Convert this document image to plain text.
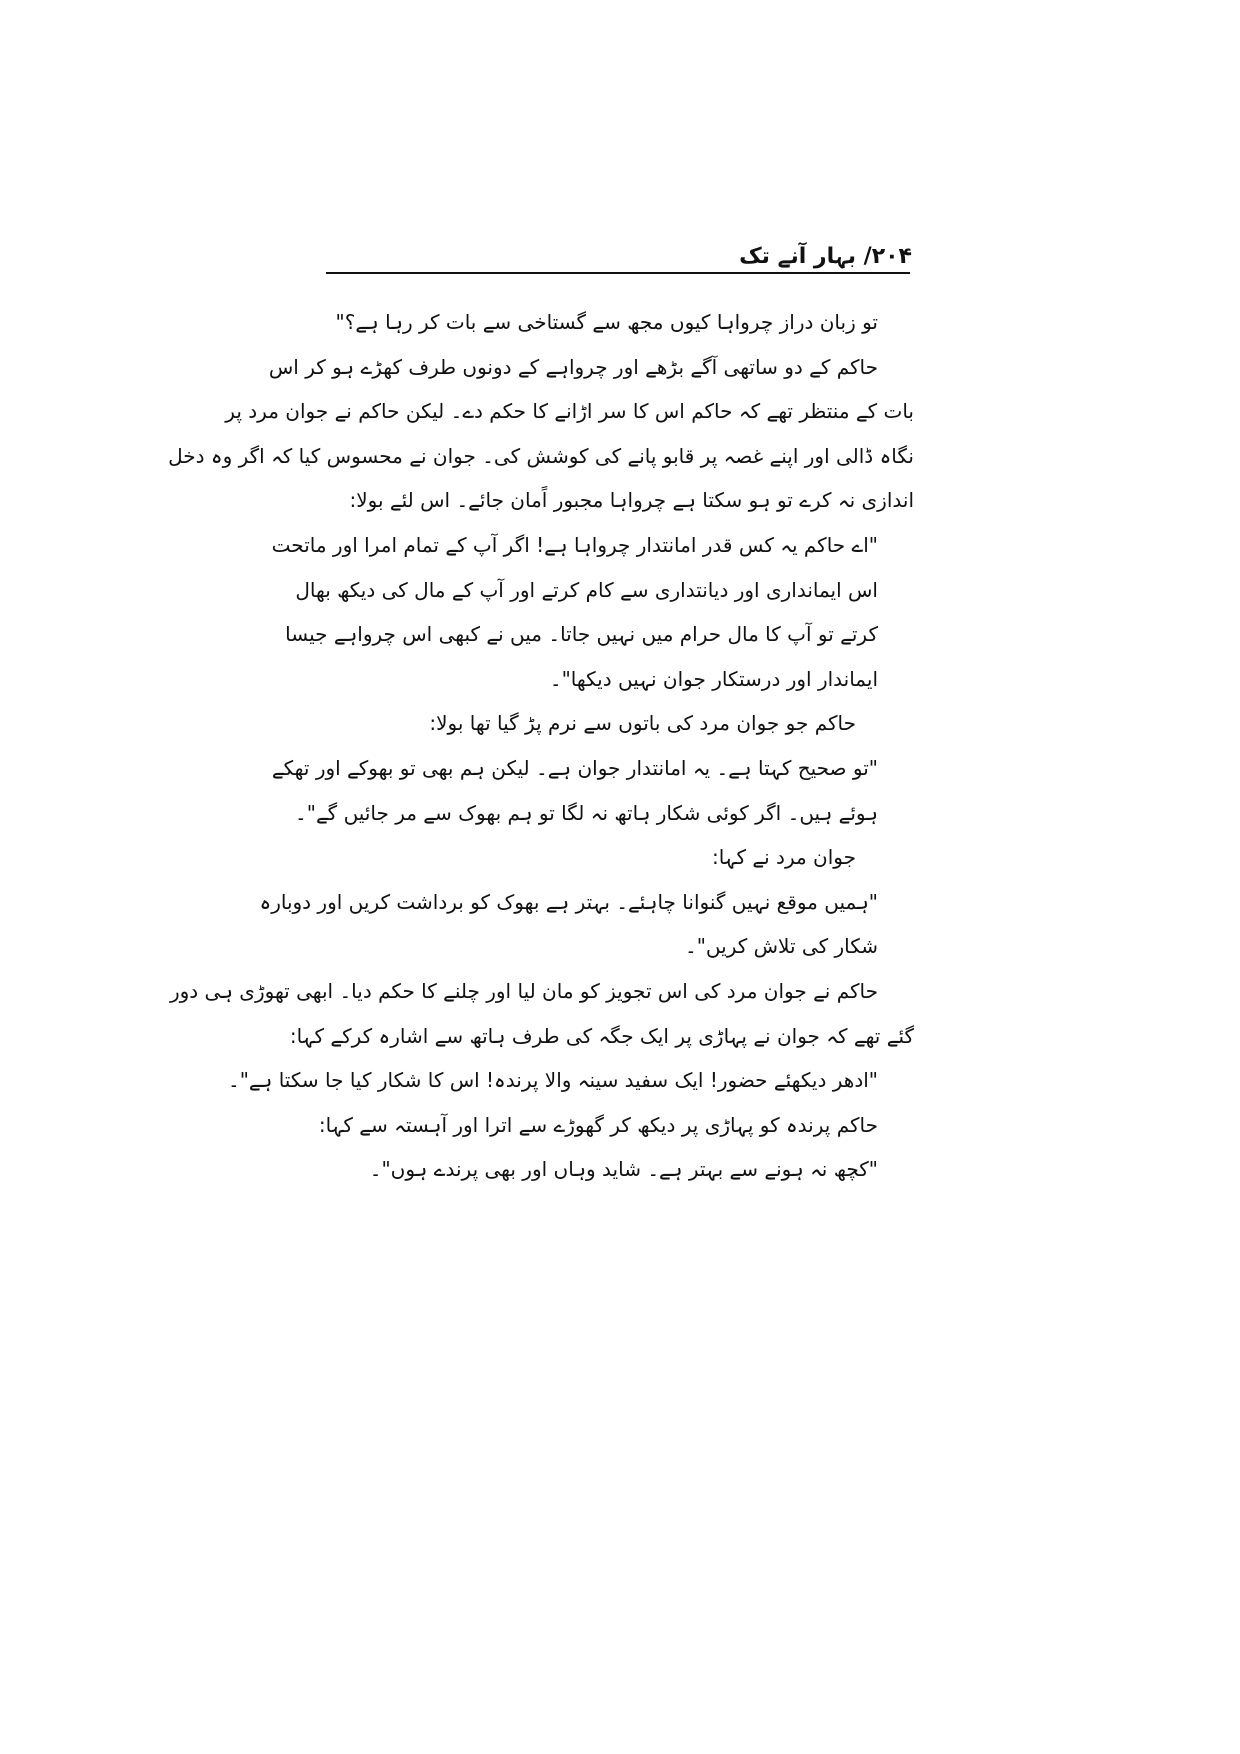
۲۰۴/ بہار آنے تک
تو زبان دراز چرواہا کیوں مجھ سے گستاخی سے بات کر رہا ہے؟"
حاکم کے دو ساتھی آگے بڑھے اور چرواہے کے دونوں طرف کھڑے ہو کر اس
بات کے منتظر تھے کہ حاکم اس کا سر اڑانے کا حکم دے۔ لیکن حاکم نے جوان مرد پر
نگاہ ڈالی اور اپنے غصہ پر قابو پانے کی کوشش کی۔ جوان نے محسوس کیا کہ اگر وہ دخل
اندازی نہ کرے تو ہو سکتا ہے چرواہا مجبور اًمان جائے۔ اس لئے بولا:
"اے حاکم یہ کس قدر امانتدار چرواہا ہے! اگر آپ کے تمام امرا اور ماتحت
اس ایمانداری اور دیانتداری سے کام کرتے اور آپ کے مال کی دیکھ بھال
کرتے تو آپ کا مال حرام میں نہیں جاتا۔ میں نے کبھی اس چرواہے جیسا
ایماندار اور درستکار جوان نہیں دیکھا"۔
حاکم جو جوان مرد کی باتوں سے نرم پڑ گیا تھا بولا:
"تو صحیح کہتا ہے۔ یہ امانتدار جوان ہے۔ لیکن ہم بھی تو بھوکے اور تھکے
ہوئے ہیں۔ اگر کوئی شکار ہاتھ نہ لگا تو ہم بھوک سے مر جائیں گے"۔
جوان مرد نے کہا:
"ہمیں موقع نہیں گنوانا چاہئے۔ بہتر ہے بھوک کو برداشت کریں اور دوبارہ
شکار کی تلاش کریں"۔
حاکم نے جوان مرد کی اس تجویز کو مان لیا اور چلنے کا حکم دیا۔ ابھی تھوڑی ہی دور
گئے تھے کہ جوان نے پہاڑی پر ایک جگہ کی طرف ہاتھ سے اشارہ کرکے کہا:
"ادھر دیکھئے حضور! ایک سفید سینہ والا پرندہ! اس کا شکار کیا جا سکتا ہے"۔
حاکم پرندہ کو پہاڑی پر دیکھ کر گھوڑے سے اترا اور آہستہ سے کہا:
"کچھ نہ ہونے سے بہتر ہے۔ شاید وہاں اور بھی پرندے ہوں"۔
